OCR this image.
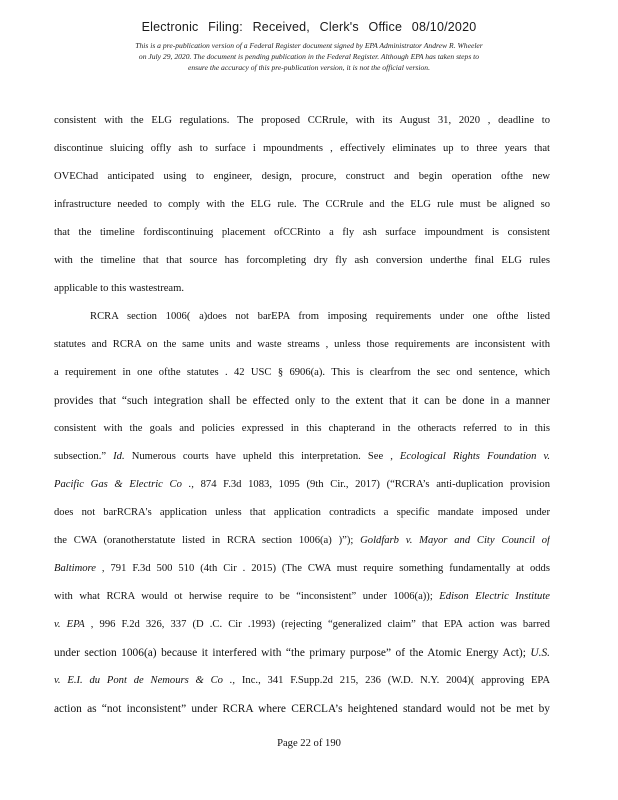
Electronic Filing: Received, Clerk's Office 08/10/2020
This is a pre-publication version of a Federal Register document signed by EPA Administrator Andrew R. Wheeler
on July 29, 2020. The document is pending publication in the Federal Register. Although EPA has taken steps to
ensure the accuracy of this pre-publication version, it is not the official version.
consistent with the ELG regulations. The proposed CCRrule, with its August 31, 2020 , deadline to
discontinue sluicing offly ash to surface i mpoundments , effectively eliminates up to three years that
OVEChad anticipated using to engineer, design, procure, construct and begin operation ofthe new
infrastructure needed to comply with the ELG rule. The CCRrule and the ELG rule must be aligned so
that the timeline fordiscontinuing placement ofCCRinto a fly ash surface impoundment is consistent
with the timeline that that source has forcompleting dry fly ash conversion underthe final ELG rules
applicable to this wastestream.
RCRA section 1006( a)does not barEPA from imposing requirements under one ofthe listed
statutes and RCRA on the same units and waste streams , unless those requirements are inconsistent with
a requirement in one ofthe statutes . 42 USC § 6906(a). This is clearfrom the sec ond sentence, which
provides that “such integration shall be effected only to the extent that it can be done in a manner
consistent with the goals and policies expressed in this chapterand in the otheracts referred to in this
subsection.” Id. Numerous courts have upheld this interpretation. See , Ecological Rights Foundation v.
Pacific Gas & Electric Co ., 874 F.3d 1083, 1095 (9th Cir., 2017) (“RCRA’s anti-duplication provision
does not barRCRA's application unless that application contradicts a specific mandate imposed under
the CWA (oranotherstatute listed in RCRA section 1006(a) )”); Goldfarb v. Mayor and City Council of
Baltimore , 791 F.3d 500 510 (4th Cir . 2015) (The CWA must require something fundamentally at odds
with what RCRA would ot herwise require to be “inconsistent” under 1006(a)); Edison Electric Institute
v. EPA , 996 F.2d 326, 337 (D .C. Cir .1993) (rejecting “generalized claim” that EPA action was barred
under section 1006(a) because it interfered with “the primary purpose” of the Atomic Energy Act); U.S.
v. E.I. du Pont de Nemours & Co ., Inc., 341 F.Supp.2d 215, 236 (W.D. N.Y. 2004)( approving EPA
action as “not inconsistent” under RCRA where CERCLA’s heightened standard would not be met by
Page 22 of 190
